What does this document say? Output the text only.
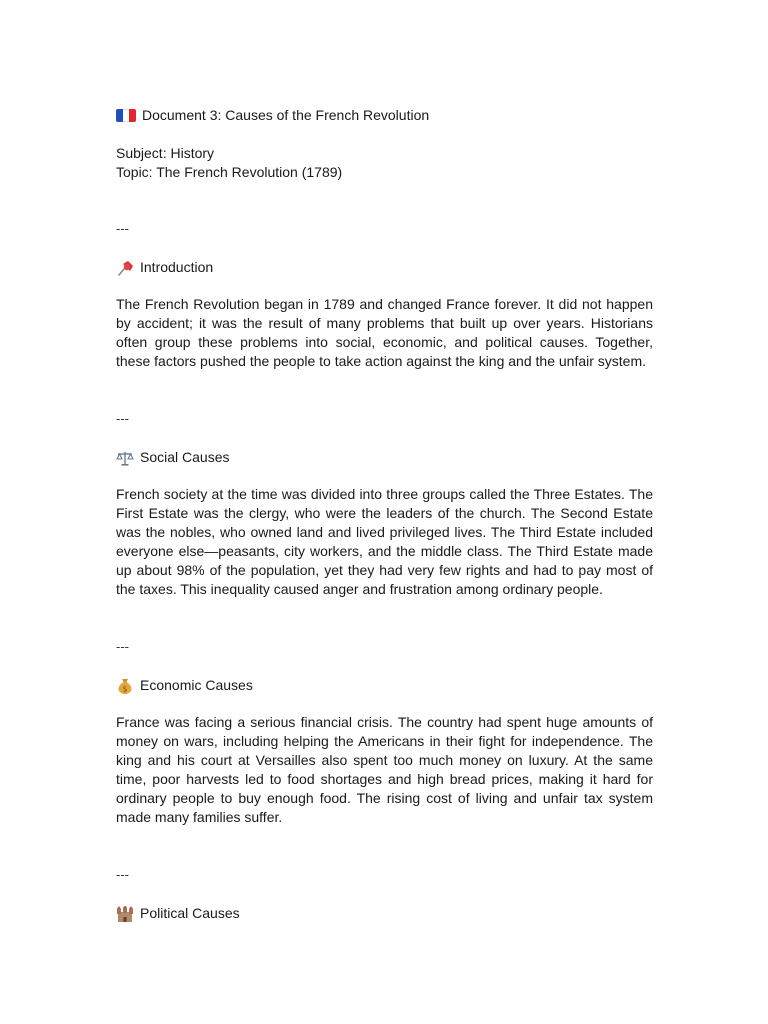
Document 3: Causes of the French Revolution
Subject: History
Topic: The French Revolution (1789)
---
Introduction
The French Revolution began in 1789 and changed France forever. It did not happen by accident; it was the result of many problems that built up over years. Historians often group these problems into social, economic, and political causes. Together, these factors pushed the people to take action against the king and the unfair system.
---
Social Causes
French society at the time was divided into three groups called the Three Estates. The First Estate was the clergy, who were the leaders of the church. The Second Estate was the nobles, who owned land and lived privileged lives. The Third Estate included everyone else—peasants, city workers, and the middle class. The Third Estate made up about 98% of the population, yet they had very few rights and had to pay most of the taxes. This inequality caused anger and frustration among ordinary people.
---
$ Economic Causes
France was facing a serious financial crisis. The country had spent huge amounts of money on wars, including helping the Americans in their fight for independence. The king and his court at Versailles also spent too much money on luxury. At the same time, poor harvests led to food shortages and high bread prices, making it hard for ordinary people to buy enough food. The rising cost of living and unfair tax system made many families suffer.
---
Political Causes
